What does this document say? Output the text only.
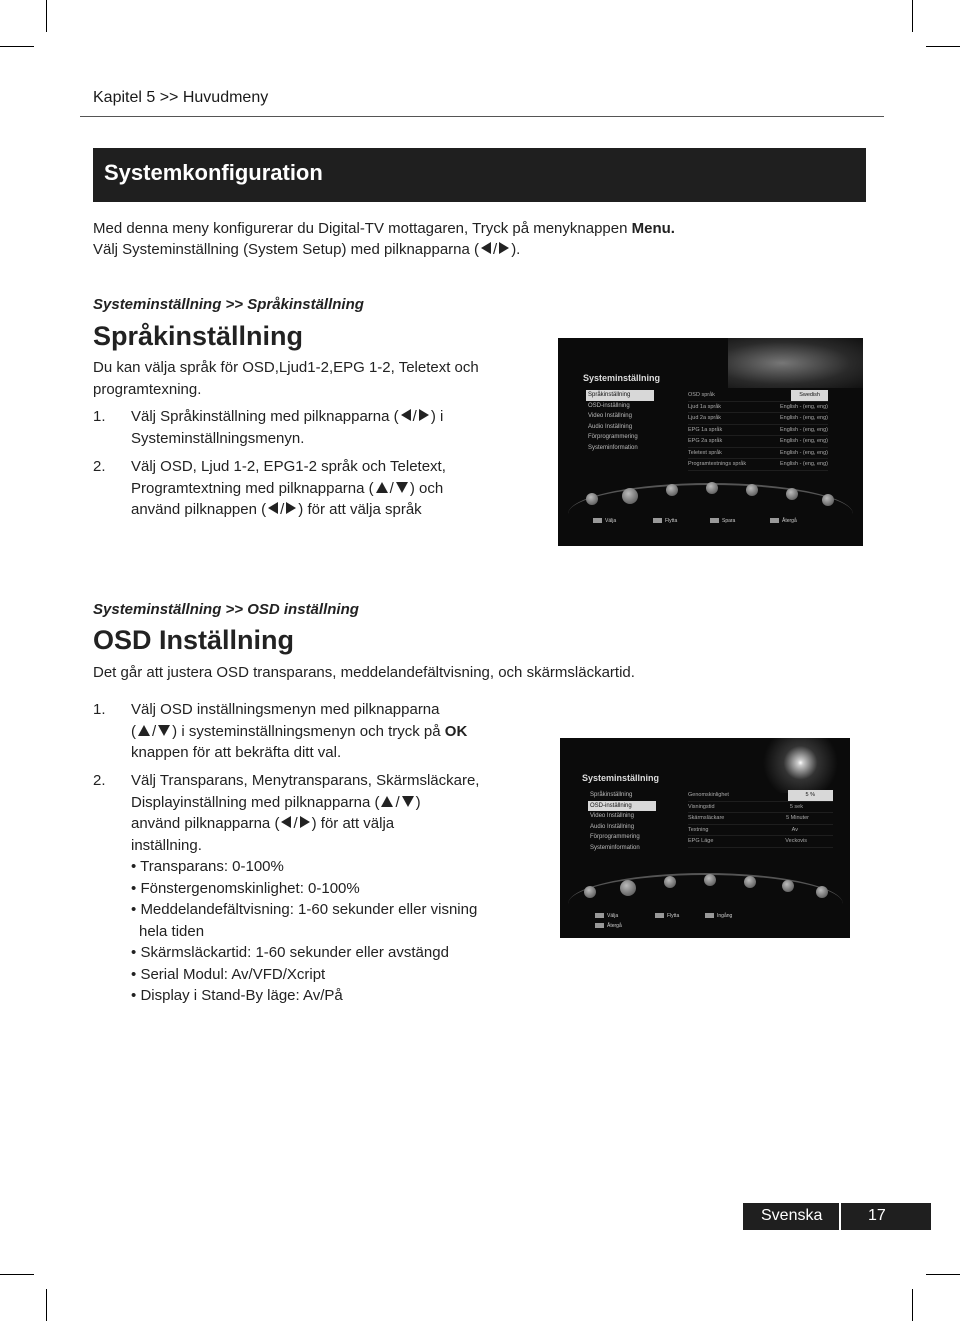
Kapitel 5 >> Huvudmeny
Systemkonfiguration
Med denna meny konfigurerar du Digital-TV mottagaren, Tryck på menyknappen Menu.
Välj Systeminställning (System Setup) med pilknapparna ( / ).
Systeminställning >> Språkinställning
Språkinställning
Du kan välja språk för OSD,Ljud1-2,EPG 1-2, Teletext och
programtexning.
1. Välj Språkinställning med pilknapparna ( / ) i
Systeminställningsmenyn.
2. Välj OSD, Ljud 1-2, EPG1-2 språk och Teletext,
Programtextning med pilknapparna ( / ) och
använd pilknappen ( / ) för att välja språk
Systeminställning
Språkinställning
OSD-inställning
Video Inställning
Audio Inställning
Förprogrammering
Systeminformation
OSD språk	Swedish
Ljud 1a språk	English - (eng, eng)
Ljud 2a språk	English - (eng, eng)
EPG 1a språk	English - (eng, eng)
EPG 2a språk	English - (eng, eng)
Teletext språk	English - (eng, eng)
Programtextnings språk	English - (eng, eng)
Välja	Flytta	Spara	Återgå
Systeminställning >> OSD inställning
OSD Inställning
Det går att justera OSD transparans, meddelandefältvisning, och skärmsläckartid.
1. Välj OSD inställningsmenyn med pilknapparna
( / ) i systeminställningsmenyn och tryck på OK
knappen för att bekräfta ditt val.
2. Välj Transparans, Menytransparans, Skärmsläckare,
Displayinställning med pilknapparna ( / )
använd pilknapparna ( / ) för att välja
inställning.
• Transparans: 0-100%
• Fönstergenomskinlighet: 0-100%
• Meddelandefältvisning: 1-60 sekunder eller visning
hela tiden
• Skärmsläckartid: 1-60 sekunder eller avstängd
• Serial Modul: Av/VFD/Xcript
• Display i Stand-By läge: Av/På
Systeminställning
Språkinställning
OSD-inställning
Video Inställning
Audio Inställning
Förprogrammering
Systeminformation
Genomskinlighet	5 %
Visningstid	5 sek
Skärmsläckare	5 Minuter
Textning	Av
EPG Läge	Veckovis
Välja	Ingång
Flytta
Återgå
Svenska	17
